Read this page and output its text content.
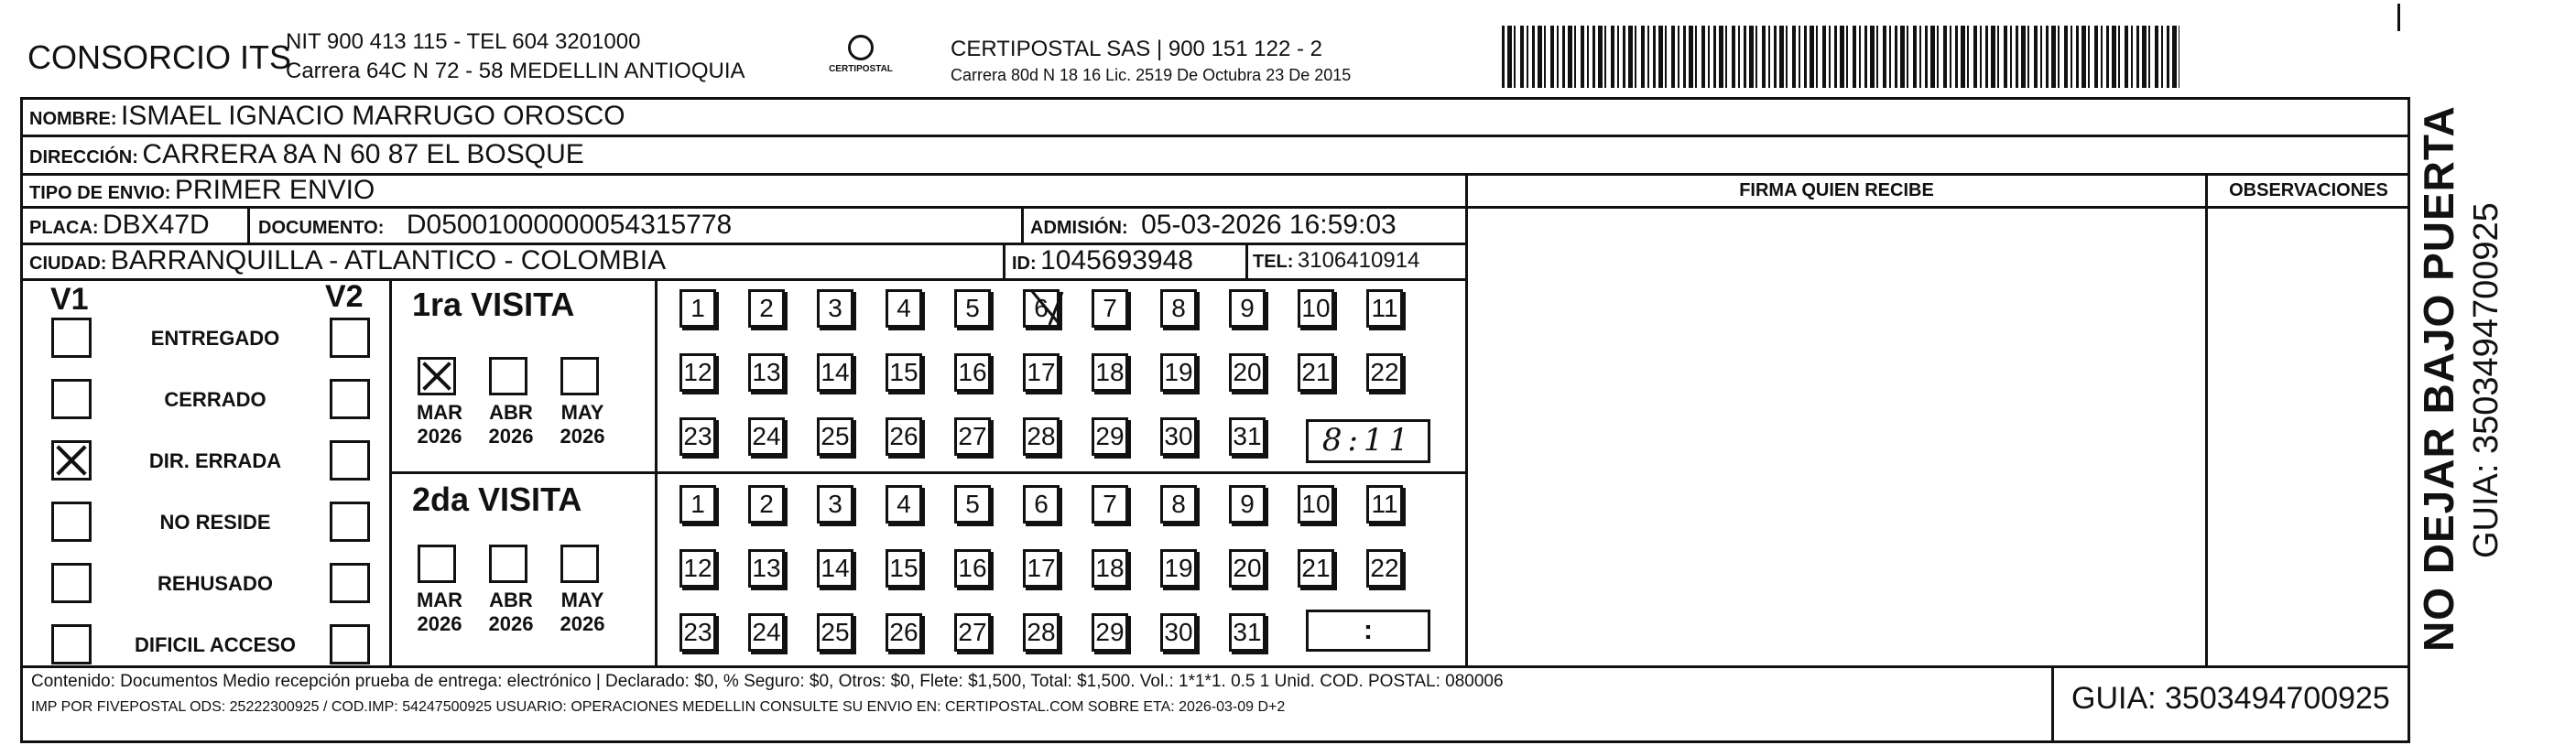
CONSORCIO ITS
NIT 900 413 115 - TEL 604 3201000
Carrera 64C N 72 - 58 MEDELLIN ANTIOQUIA	CERTIPOSTAL
CERTIPOSTAL SAS | 900 151 122 - 2
Carrera 80d N 18 16 Lic. 2519 De Octubra 23 De 2015
NOMBRE: ISMAEL IGNACIO MARRUGO OROSCO
DIRECCIÓN: CARRERA 8A N 60 87 EL BOSQUE
TIPO DE ENVIO: PRIMER ENVIO	FIRMA QUIEN RECIBE	OBSERVACIONES
PLACA: DBX47D	DOCUMENTO: D05001000000054315778	ADMISIÓN: 05-03-2026 16:59:03
CIUDAD: BARRANQUILLA - ATLANTICO - COLOMBIA	ID: 1045693948	TEL: 3106410914
V1	V2
ENTREGADO
CERRADO
DIR. ERRADA
NO RESIDE
REHUSADO
DIFICIL ACCESO
1ra VISITA
MAR
2026
ABR
2026
MAY
2026
1	2	3	4	5	6	7	8	9	10 11
12 13 14 15 16 17 18 19 20 21 22
23 24 25 26 27 28 29 30 31	8:11
2da VISITA
MAR
2026
ABR
2026
MAY
2026
1	2	3	4	5	6	7	8	9	10 11
12 13 14 15 16 17 18 19 20 21 22
23 24 25 26 27 28 29 30 31	:
Contenido: Documentos Medio recepción prueba de entrega: electrónico | Declarado: $0, % Seguro: $0, Otros: $0, Flete: $1,500, Total: $1,500. Vol.: 1*1*1. 0.5 1 Unid. COD. POSTAL: 080006
IMP POR FIVEPOSTAL ODS: 25222300925 / COD.IMP: 54247500925 USUARIO: OPERACIONES MEDELLIN CONSULTE SU ENVIO EN: CERTIPOSTAL.COM SOBRE ETA: 2026-03-09 D+2	GUIA: 3503494700925
NO DEJAR BAJO PUERTA GUIA: 3503494700925
